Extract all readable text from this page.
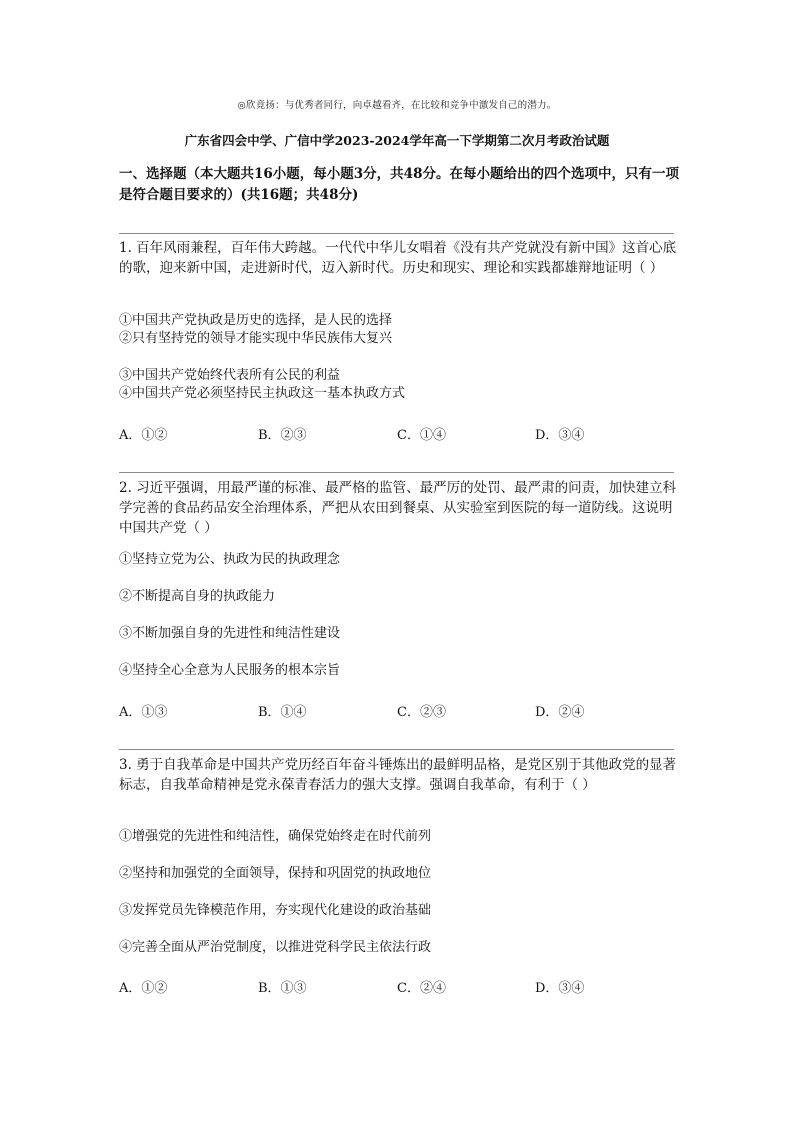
◎欣竟扬：与优秀者同行，向卓越看齐，在比较和竞争中激发自己的潜力。
广东省四会中学、广信中学2023-2024学年高一下学期第二次月考政治试题
一、选择题（本大题共16小题，每小题3分，共48分。在每小题给出的四个选项中，只有一项是符合题目要求的）(共16题；共48分)
1. 百年风雨兼程，百年伟大跨越。一代代中华儿女唱着《没有共产党就没有新中国》这首心底的歌，迎来新中国，走进新时代，迈入新时代。历史和现实、理论和实践都雄辩地证明（ ）
①中国共产党执政是历史的选择，是人民的选择
②只有坚持党的领导才能实现中华民族伟大复兴
③中国共产党始终代表所有公民的利益
④中国共产党必须坚持民主执政这一基本执政方式
A．①②	B．②③	C．①④	D．③④
2. 习近平强调，用最严谨的标准、最严格的监管、最严厉的处罚、最严肃的问责，加快建立科学完善的食品药品安全治理体系，严把从农田到餐桌、从实验室到医院的每一道防线。这说明中国共产党（ ）
①坚持立党为公、执政为民的执政理念
②不断提高自身的执政能力
③不断加强自身的先进性和纯洁性建设
④坚持全心全意为人民服务的根本宗旨
A．①③	B．①④	C．②③	D．②④
3. 勇于自我革命是中国共产党历经百年奋斗锤炼出的最鲜明品格，是党区别于其他政党的显著标志，自我革命精神是党永葆青春活力的强大支撑。强调自我革命，有利于（ ）
①增强党的先进性和纯洁性，确保党始终走在时代前列
②坚持和加强党的全面领导，保持和巩固党的执政地位
③发挥党员先锋模范作用，夯实现代化建设的政治基础
④完善全面从严治党制度，以推进党科学民主依法行政
A．①②	B．①③	C．②④	D．③④
